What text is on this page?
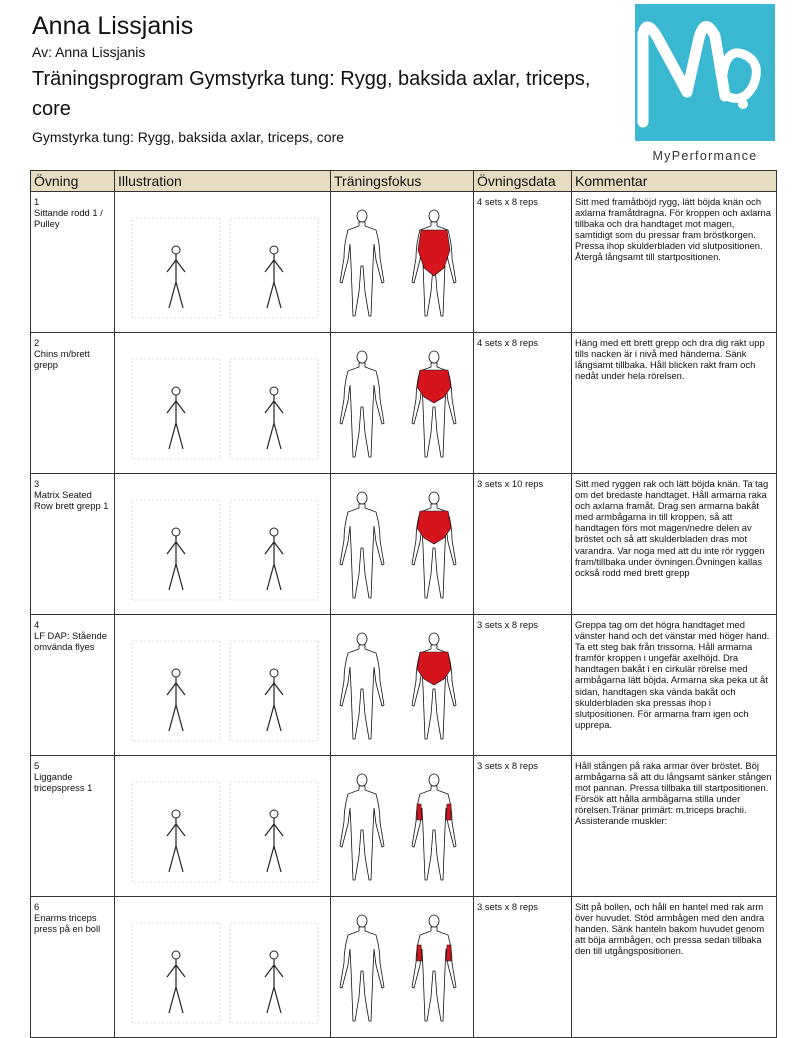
Anna Lissjanis
Av: Anna Lissjanis
Träningsprogram Gymstyrka tung: Rygg, baksida axlar, triceps, core
Gymstyrka tung: Rygg, baksida axlar, triceps, core
MyPerformance
Övning	Illustration	Träningsfokus	Övningsdata	Kommentar

1
Sittande rodd 1 / Pulley			4 sets x 8 reps	Sitt med framåtböjd rygg, lätt böjda knän och axlarna framåtdragna. För kroppen och axlarna tillbaka och dra handtaget mot magen, samtidigt som du pressar fram bröstkorgen. Pressa ihop skulderbladen vid slutpositionen. Återgå långsamt till startpositionen.

2
Chins m/brett grepp			4 sets x 8 reps	Häng med ett brett grepp och dra dig rakt upp tills nacken är i nivå med händerna. Sänk långsamt tillbaka. Håll blicken rakt fram och nedåt under hela rörelsen.

3
Matrix Seated Row brett grepp 1			3 sets x 10 reps	Sitt med ryggen rak och lätt böjda knän. Ta tag om det bredaste handtaget. Håll armarna raka och axlarna framåt. Drag sen armarna bakåt med armbågarna in till kroppen, så att handtagen förs mot magen/nedre delen av bröstet och så att skulderbladen dras mot varandra. Var noga med att du inte rör ryggen fram/tillbaka under övningen.Övningen kallas också rodd med brett grepp

4
LF DAP: Stående omvända flyes			3 sets x 8 reps	Greppa tag om det högra handtaget med vänster hand och det vänstar med höger hand. Ta ett steg bak från trissorna. Håll armarna framför kroppen i ungefär axelhöjd. Dra handtagen bakåt i en cirkulär rörelse med armbågarna lätt böjda. Armarna ska peka ut åt sidan, handtagen ska vända bakåt och skulderbladen ska pressas ihop i slutpositionen. För armarna fram igen och upprepa.

5
Liggande tricepspress 1			3 sets x 8 reps	Håll stången på raka armar över bröstet. Böj armbågarna så att du långsamt sänker stången mot pannan. Pressa tillbaka till startpositionen. Försök att hålla armbågarna stilla under rörelsen.Tränar primärt: m.triceps brachii. Assisterande muskler:

6
Enarms triceps press på en boll			3 sets x 8 reps	Sitt på bollen, och håll en hantel med rak arm över huvudet. Stöd armbågen med den andra handen. Sänk hanteln bakom huvudet genom att böja armbågen, och pressa sedan tillbaka den till utgångspositionen.
